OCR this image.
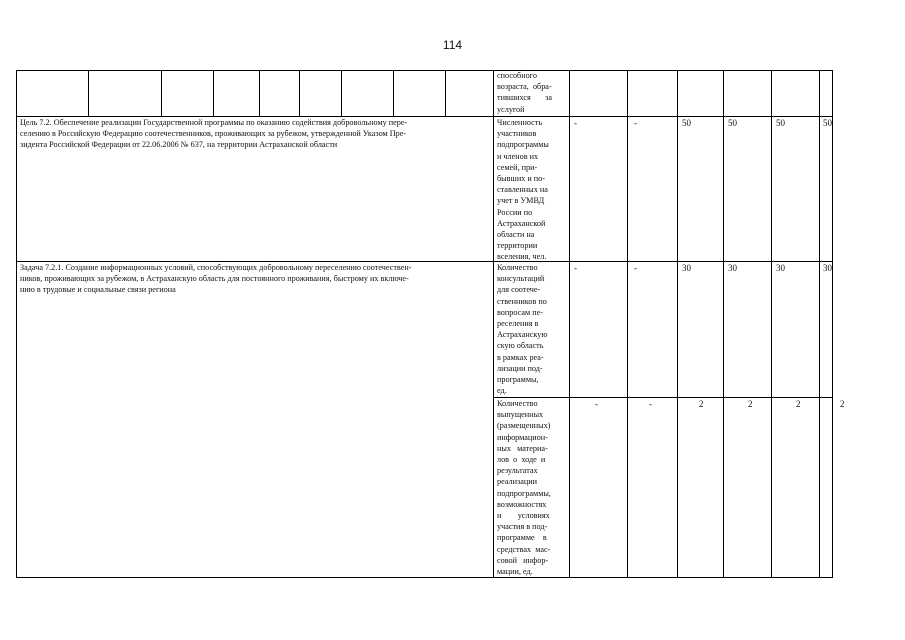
114
способного
возраста,  обра-
тившихся       за
услугой
Цель 7.2. Обеспечение реализации Государственной программы по оказанию содействия добровольному пере-
селению в Российскую Федерацию соотечественников, проживающих за рубежом, утвержденной Указом Пре-
зидента Российской Федерации от 22.06.2006 № 637, на территории Астраханской области
Численность
участников
подпрограммы
и членов их
семей, при-
бывших и по-
ставленных на
учет в УМВД
России по
Астраханской
области на
территории
вселения, чел.
-	-	50	50	50	50
Задача 7.2.1. Создание информационных условий, способствующих добровольному переселению соотечествен-
ников, проживающих за рубежом, в Астраханскую область для постоянного проживания, быстрому их включе-
нию в трудовые и социальные связи региона
Количество
консультаций
для соотече-
ственников по
вопросам пе-
реселения в
Астраханскую
скую область
в рамках реа-
лизации под-
программы,
ед.
-	-	30	30	30	30
Количество
выпущенных
(размещенных)
информацион-
ных   материа-
лов  о  ходе  и
результатах
реализации
подпрограммы,
возможностях
и        условиях
участия в под-
программе    в
средствах  мас-
совой   инфор-
мации, ед.
-	-	2	2	2	2
